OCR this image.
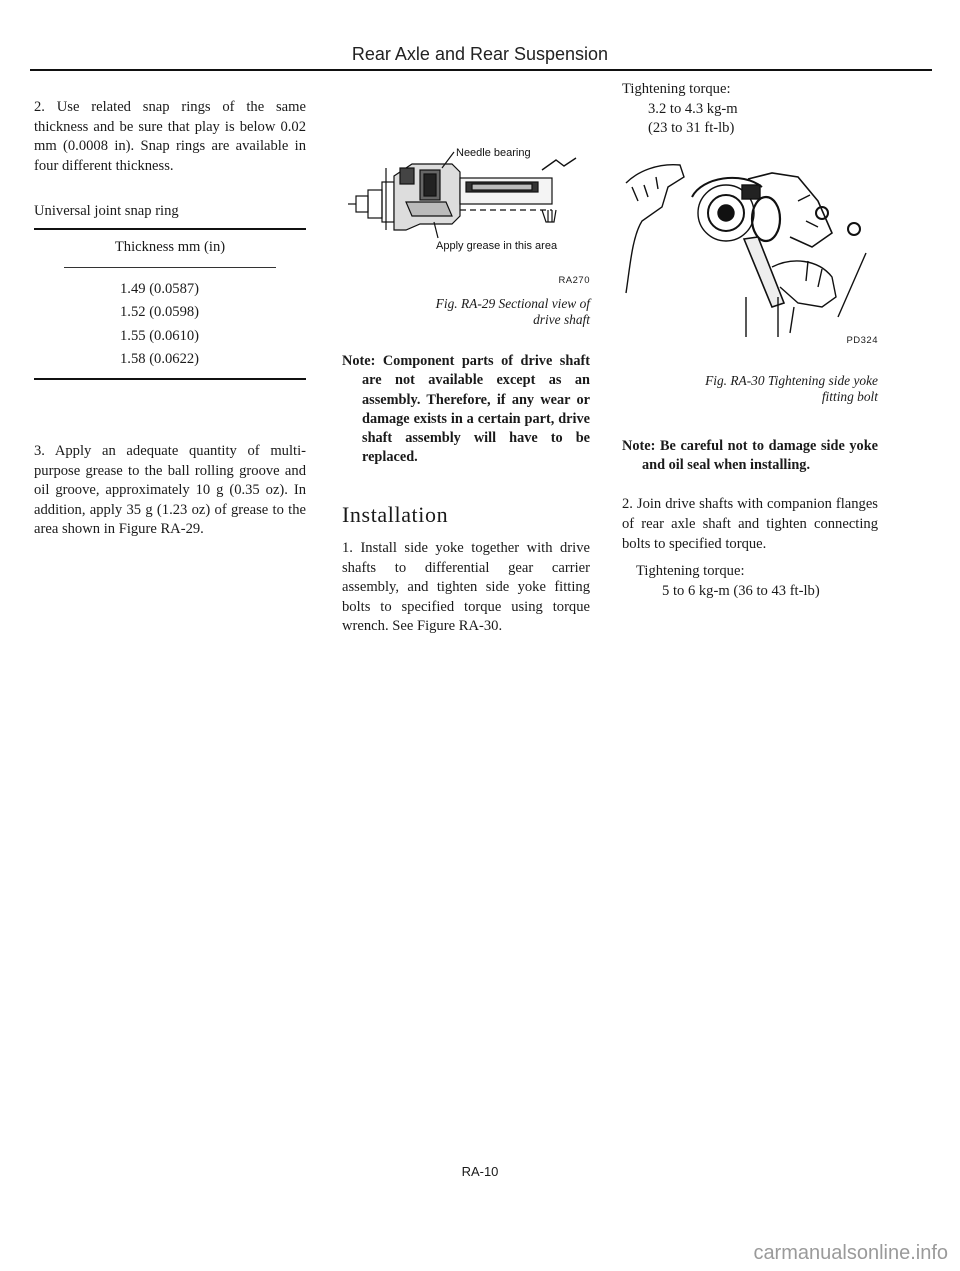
Rear Axle and Rear Suspension

2. Use related snap rings of the same thickness and be sure that play is below 0.02 mm (0.0008 in). Snap rings are available in four different thickness.

Universal joint snap ring

Thickness mm (in)

1.49 (0.0587)
1.52 (0.0598)
1.55 (0.0610)
1.58 (0.0622)

3. Apply an adequate quantity of multi-purpose grease to the ball rolling groove and oil groove, approximately 10 g (0.35 oz). In addition, apply 35 g (1.23 oz) of grease to the area shown in Figure RA-29.

Needle bearing
Apply grease in this area
RA270

Fig. RA-29 Sectional view of
drive shaft

Note: Component parts of drive shaft are not available except as an assembly. Therefore, if any wear or damage exists in a certain part, drive shaft assembly will have to be replaced.

Installation

1. Install side yoke together with drive shafts to differential gear carrier assembly, and tighten side yoke fitting bolts to specified torque using torque wrench. See Figure RA-30.

Tightening torque:

3.2 to 4.3 kg-m

(23 to 31 ft-lb)

PD324

Fig. RA-30 Tightening side yoke
fitting bolt

Note: Be careful not to damage side yoke and oil seal when installing.

2. Join drive shafts with companion flanges of rear axle shaft and tighten connecting bolts to specified torque.

Tightening torque:

5 to 6 kg-m (36 to 43 ft-lb)

RA-10
carmanualsonline.info
